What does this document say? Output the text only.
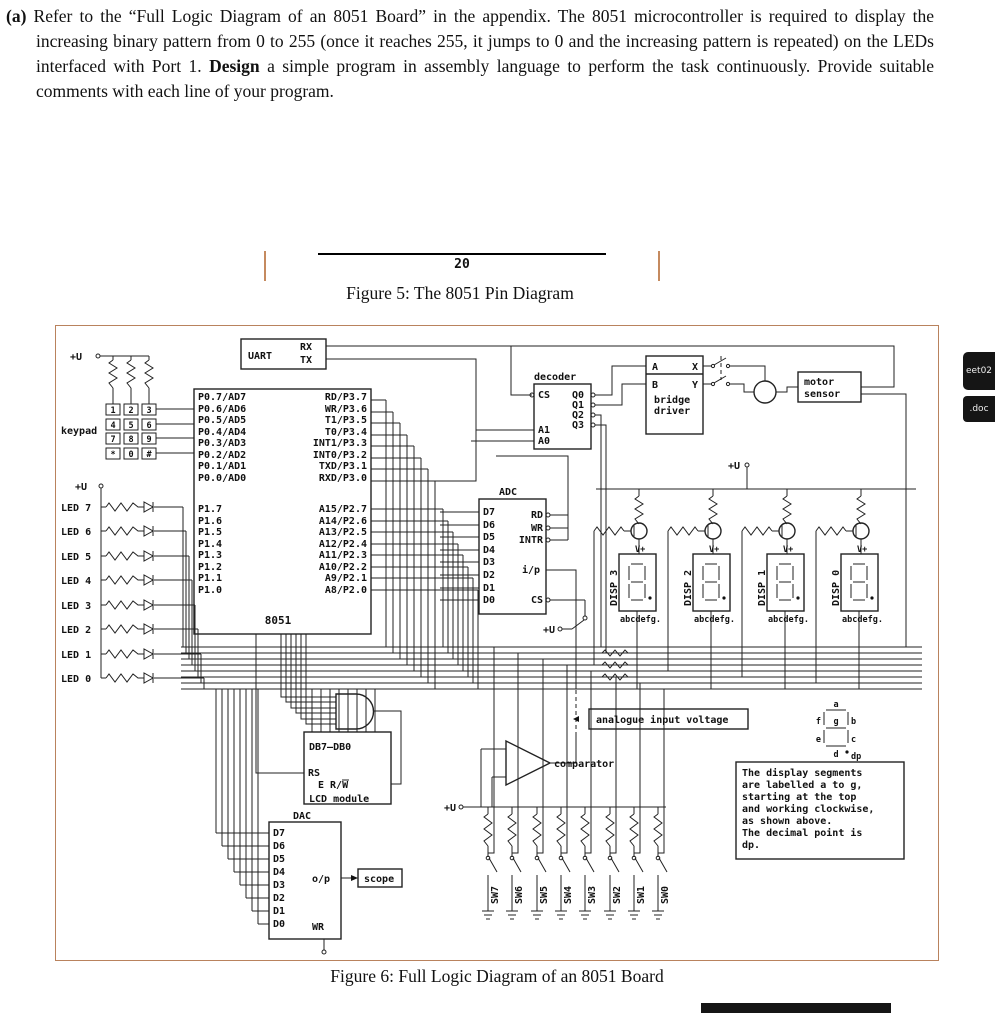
(a) Refer to the “Full Logic Diagram of an 8051 Board” in the appendix. The 8051 microcontroller is required to display the increasing binary pattern from 0 to 255 (once it reaches 255, it jumps to 0 and the increasing pattern is repeated) on the LEDs interfaced with Port 1. Design a simple program in assembly language to perform the task continuously. Provide suitable comments with each line of your program.
20
Figure 5: The 8051 Pin Diagram
1 2 3
4 5 6
7 8 9
* 0 #
UART
RX
TX
+U
keypad
+U
P0.7/AD7
P0.6/AD6
P0.5/AD5
P0.4/AD4
P0.3/AD3
P0.2/AD2
P0.1/AD1
P0.0/AD0
RD/P3.7
WR/P3.6
T1/P3.5
T0/P3.4
INT1/P3.3
INT0/P3.2
TXD/P3.1
RXD/P3.0
P1.7
P1.6
P1.5
P1.4
P1.3
P1.2
P1.1
P1.0
A15/P2.7
A14/P2.6
A13/P2.5
A12/P2.4
A11/P2.3
A10/P2.2
A9/P2.1
A8/P2.0
8051
decoder
CS
A1
A0
Q0
Q1
Q2
Q3
A	X
B	Y
bridge
driver
motor
sensor
ADC
D7
D6
D5
D4
D3
D2
D1
D0
RD
WR
INTR
i/p
CS
+U
LED 7
LED 6
LED 5
LED 4
LED 3
LED 2
LED 1
LED 0
+U
DISP 3	DISP 2	DISP 1	DISP 0
V+	V+	V+	V+
abcdefg.	abcdefg.	abcdefg.	abcdefg.
DB7–DB0
RS
E R/W
LCD module
DAC
D7
D6
D5
D4
D3
D2
D1
D0
o/p	scope
WR
comparator
analogue input voltage
+U
SW7 SW6 SW5 SW4 SW3 SW2 SW1 SW0
a
f g b
e	c
d dp
The display segments
are labelled a to g,
starting at the top
and working clockwise,
as shown above.
The decimal point is
dp.
Figure 6: Full Logic Diagram of an 8051 Board
eet02
.doc
